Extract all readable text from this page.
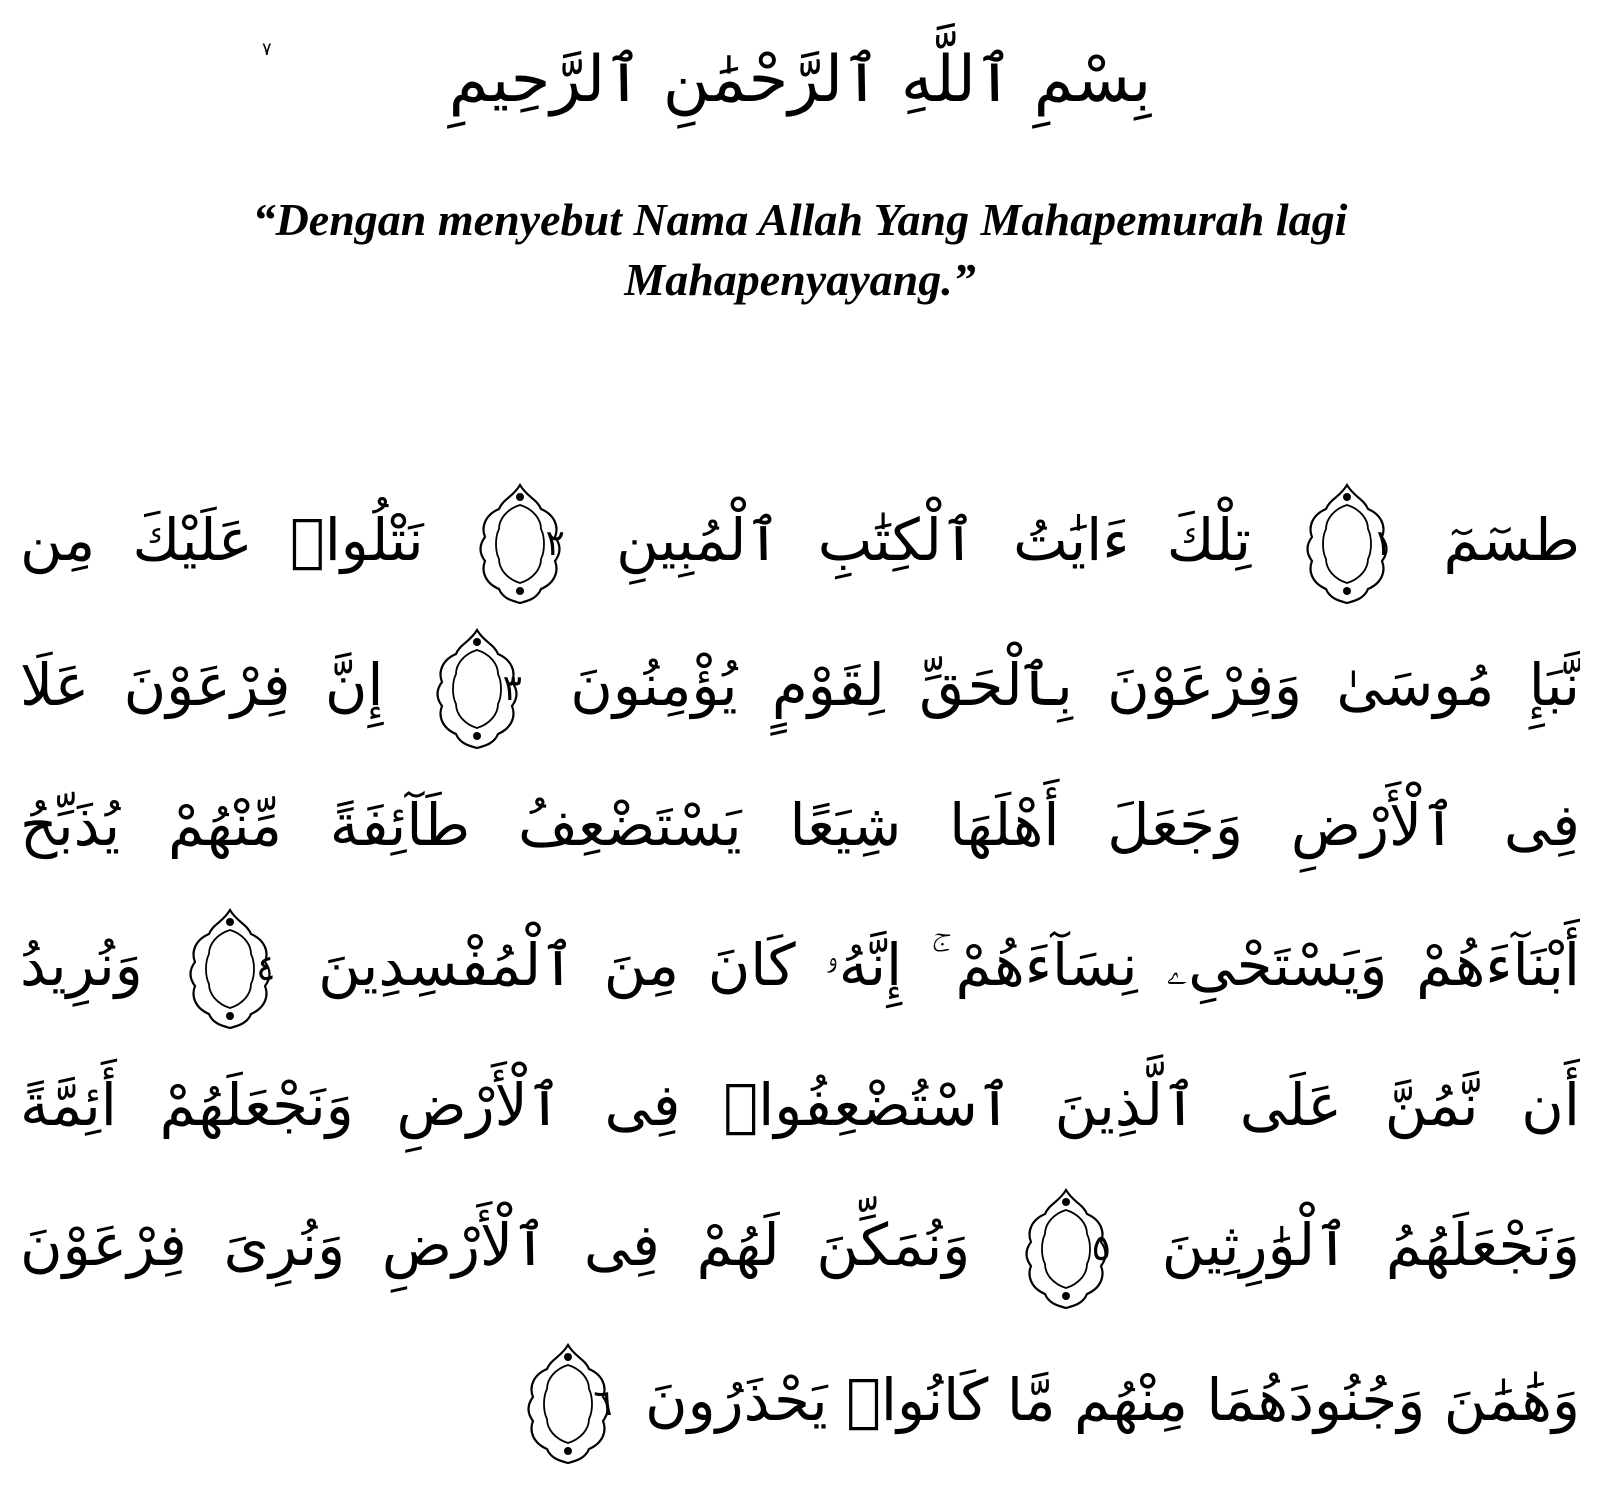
بِسْمِ ٱللَّهِ ٱلرَّحْمَٰنِ ٱلرَّحِيمِ
٧
“Dengan menyebut Nama Allah Yang Mahapemurah lagi
Mahapenyayang.”
طسٓمٓ
١
تِلْكَ ءَايَٰتُ ٱلْكِتَٰبِ ٱلْمُبِينِ
٢
نَتْلُوا۟ عَلَيْكَ مِن
نَّبَإِ مُوسَىٰ وَفِرْعَوْنَ بِٱلْحَقِّ لِقَوْمٍ يُؤْمِنُونَ
٣
إِنَّ فِرْعَوْنَ عَلَا
فِى ٱلْأَرْضِ وَجَعَلَ أَهْلَهَا شِيَعًا يَسْتَضْعِفُ طَآئِفَةً مِّنْهُمْ يُذَبِّحُ
أَبْنَآءَهُمْ وَيَسْتَحْىِۦ نِسَآءَهُمْ ۚ إِنَّهُۥ كَانَ مِنَ ٱلْمُفْسِدِينَ
٤
وَنُرِيدُ
أَن نَّمُنَّ عَلَى ٱلَّذِينَ ٱسْتُضْعِفُوا۟ فِى ٱلْأَرْضِ وَنَجْعَلَهُمْ أَئِمَّةً
وَنَجْعَلَهُمُ ٱلْوَٰرِثِينَ
٥
وَنُمَكِّنَ لَهُمْ فِى ٱلْأَرْضِ وَنُرِىَ فِرْعَوْنَ
وَهَٰمَٰنَ وَجُنُودَهُمَا مِنْهُم مَّا كَانُوا۟ يَحْذَرُونَ
٦
